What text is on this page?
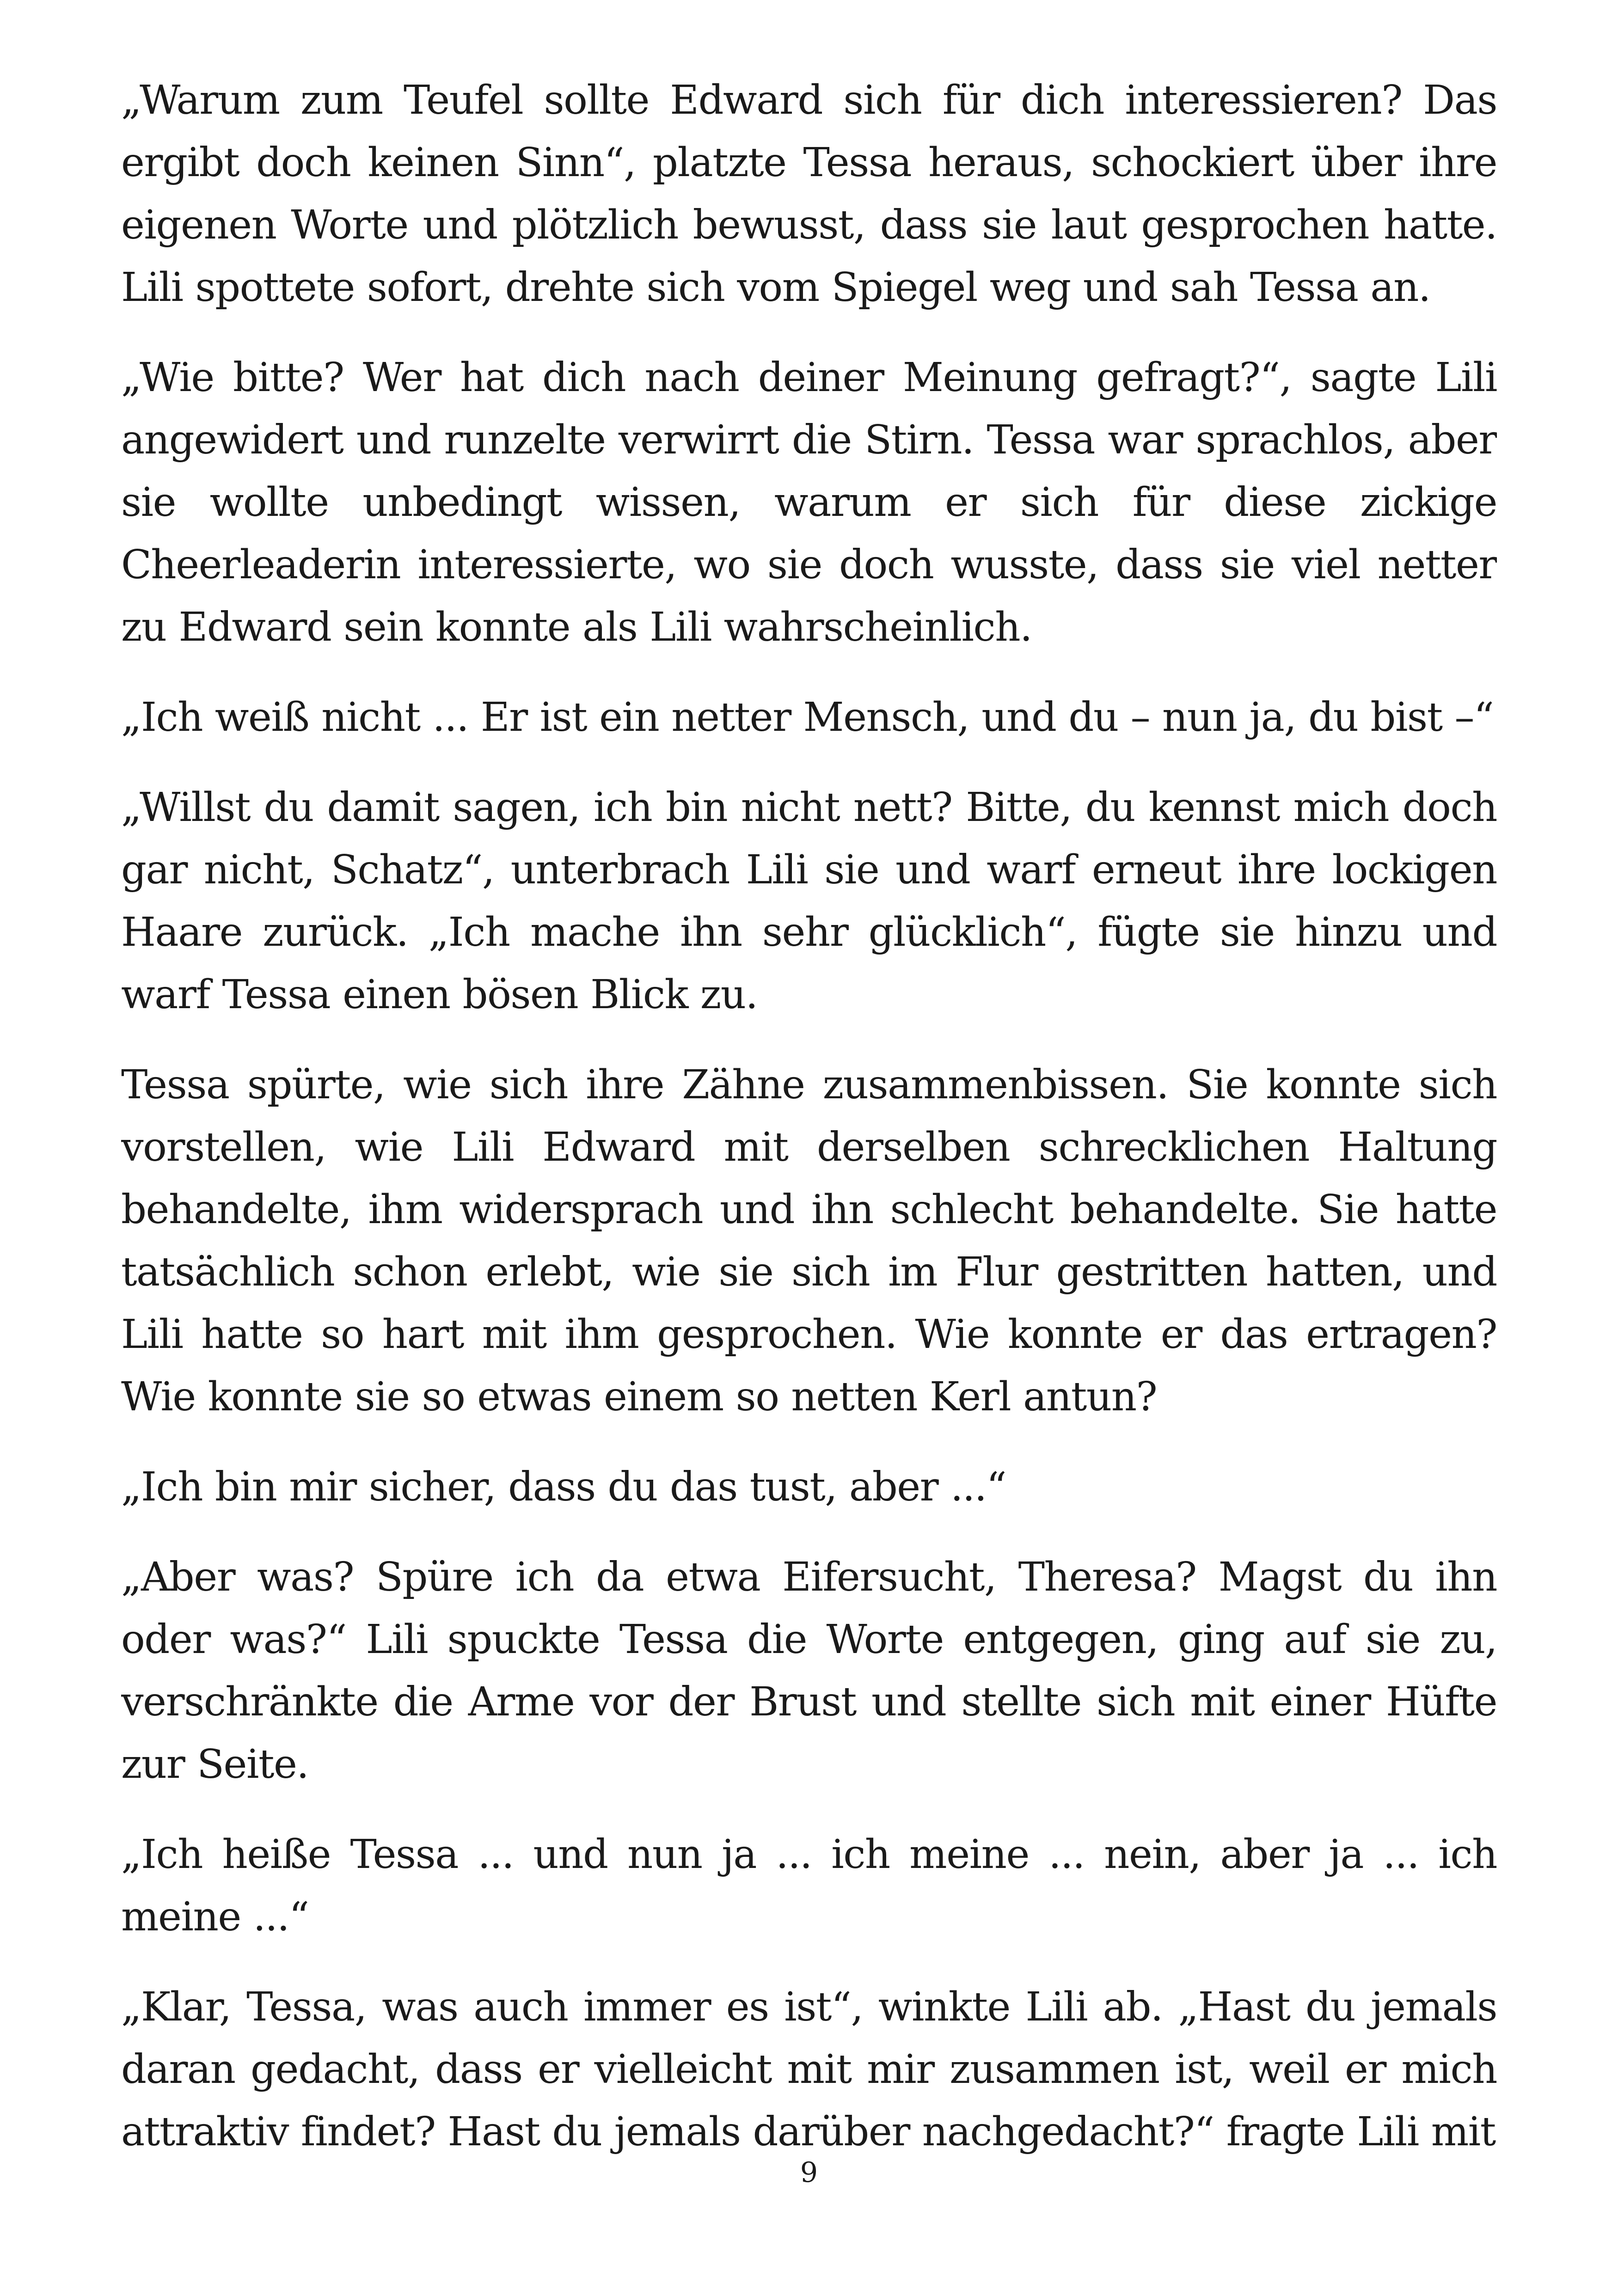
„Warum zum Teufel sollte Edward sich für dich interessieren? Das ergibt doch keinen Sinn“, platzte Tessa heraus, schockiert über ihre eigenen Worte und plötzlich bewusst, dass sie laut gesprochen hatte. Lili spottete sofort, drehte sich vom Spiegel weg und sah Tessa an.

„Wie bitte? Wer hat dich nach deiner Meinung gefragt?“, sagte Lili angewidert und runzelte verwirrt die Stirn. Tessa war sprachlos, aber sie wollte unbedingt wissen, warum er sich für diese zickige Cheerleaderin interessierte, wo sie doch wusste, dass sie viel netter zu Edward sein konnte als Lili wahrscheinlich.

„Ich weiß nicht ... Er ist ein netter Mensch, und du – nun ja, du bist –“

„Willst du damit sagen, ich bin nicht nett? Bitte, du kennst mich doch gar nicht, Schatz“, unterbrach Lili sie und warf erneut ihre lockigen Haare zurück. „Ich mache ihn sehr glücklich“, fügte sie hinzu und warf Tessa einen bösen Blick zu.

Tessa spürte, wie sich ihre Zähne zusammenbissen. Sie konnte sich vorstellen, wie Lili Edward mit derselben schrecklichen Haltung behandelte, ihm widersprach und ihn schlecht behandelte. Sie hatte tatsächlich schon erlebt, wie sie sich im Flur gestritten hatten, und Lili hatte so hart mit ihm gesprochen. Wie konnte er das ertragen? Wie konnte sie so etwas einem so netten Kerl antun?

„Ich bin mir sicher, dass du das tust, aber ...“

„Aber was? Spüre ich da etwa Eifersucht, Theresa? Magst du ihn oder was?“ Lili spuckte Tessa die Worte entgegen, ging auf sie zu, verschränkte die Arme vor der Brust und stellte sich mit einer Hüfte zur Seite.

„Ich heiße Tessa ... und nun ja ... ich meine ... nein, aber ja ... ich meine ...“

„Klar, Tessa, was auch immer es ist“, winkte Lili ab. „Hast du jemals daran gedacht, dass er vielleicht mit mir zusammen ist, weil er mich attraktiv findet? Hast du jemals darüber nachgedacht?“ fragte Lili mit

9
